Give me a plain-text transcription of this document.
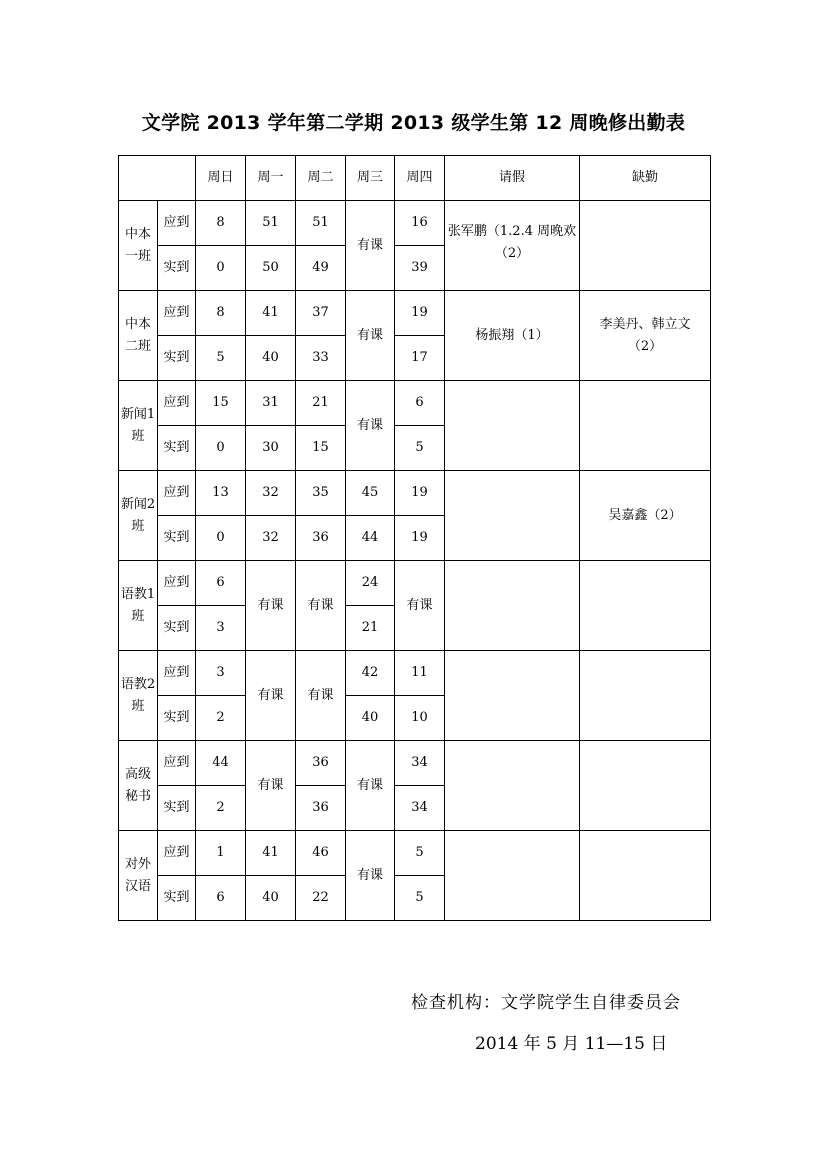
文学院 2013 学年第二学期 2013 级学生第 12 周晚修出勤表
		周日	周一	周二	周三	周四	请假	缺勤
中本一班	应到	8	51	51	有课	16	张军鹏（1.2.4 周晚欢（2）	
	实到	0	50	49		39		
中本二班	应到	8	41	37	有课	19	杨振翔（1）	李美丹、韩立文（2）
	实到	5	40	33		17		
新闻1班	应到	15	31	21	有课	6		
	实到	0	30	15		5		
新闻2班	应到	13	32	35	45	19		吴嘉鑫（2）
	实到	0	32	36	44	19		
语教1班	应到	6	有课	有课	24	有课		
	实到	3			21			
语教2班	应到	3	有课	有课	42	11		
	实到	2			40	10		
高级秘书	应到	44	有课	36	有课	34		
	实到	2		36		34		
对外汉语	应到	1	41	46	有课	5		
	实到	6	40	22		5		
检查机构：文学院学生自律委员会
2014 年 5 月 11—15 日
